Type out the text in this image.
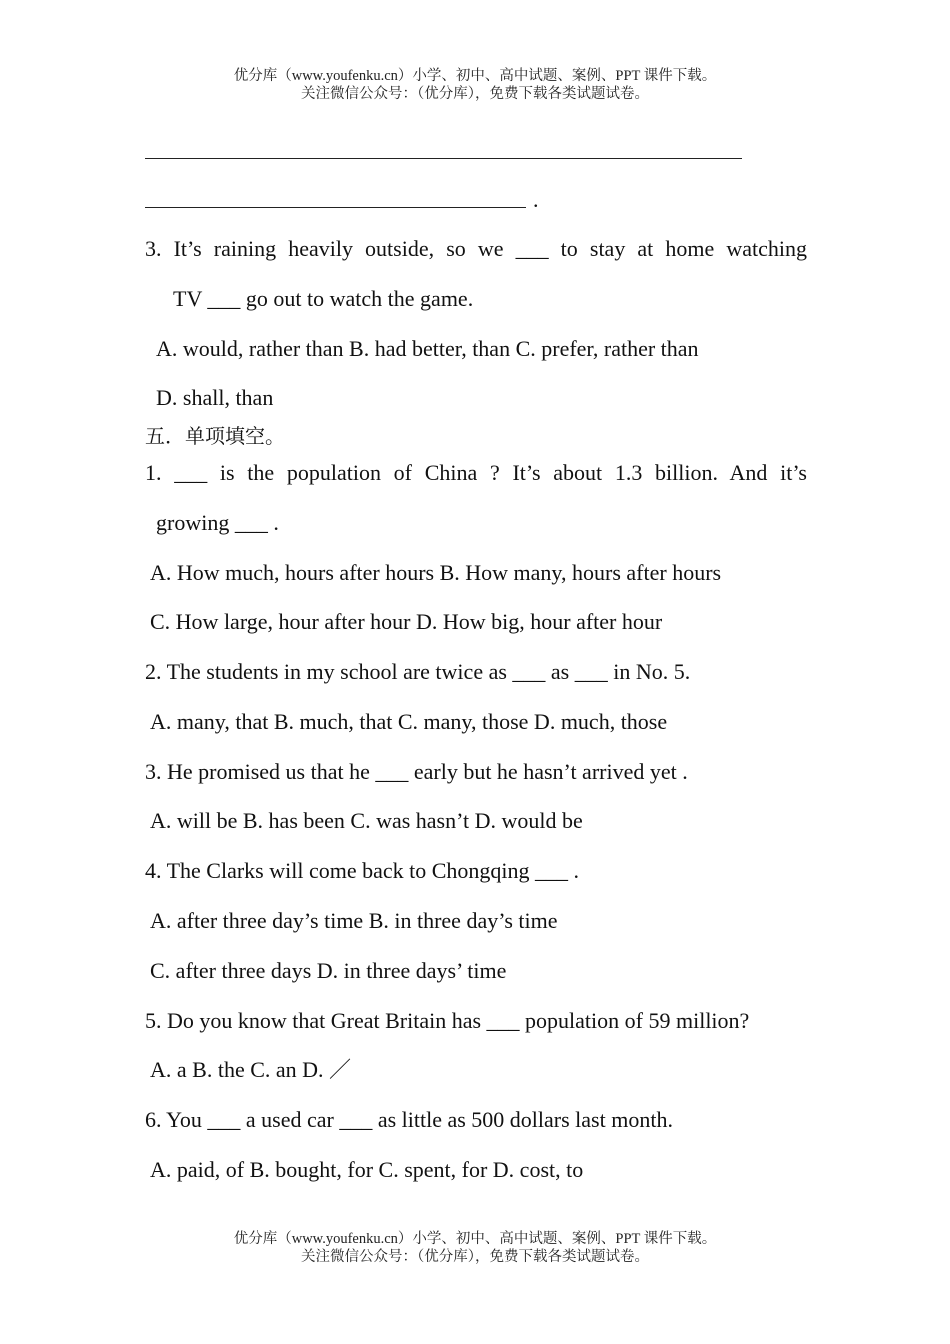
优分库（www.youfenku.cn）小学、初中、高中试题、案例、PPT 课件下载。
关注微信公众号：（优分库），免费下载各类试题试卷。
.
3. It’s raining heavily outside, so we ___ to stay at home watching
TV ___ go out to watch the game.
A. would, rather than B. had better, than C. prefer, rather than
D. shall, than
五．单项填空。
1. ___ is the population of China ? It’s about 1.3 billion. And it’s
growing ___ .
A. How much, hours after hours B. How many, hours after hours
C. How large, hour after hour D. How big, hour after hour
2. The students in my school are twice as ___ as ___ in No. 5.
A. many, that B. much, that C. many, those D. much, those
3. He promised us that he ___ early but he hasn’t arrived yet .
A. will be B. has been C. was hasn’t D. would be
4. The Clarks will come back to Chongqing ___ .
A. after three day’s time B. in three day’s time
C. after three days D. in three days’ time
5. Do you know that Great Britain has ___ population of 59 million?
A. a B. the C. an D. ／
6. You ___ a used car ___ as little as 500 dollars last month.
A. paid, of B. bought, for C. spent, for D. cost, to
优分库（www.youfenku.cn）小学、初中、高中试题、案例、PPT 课件下载。
关注微信公众号：（优分库），免费下载各类试题试卷。
